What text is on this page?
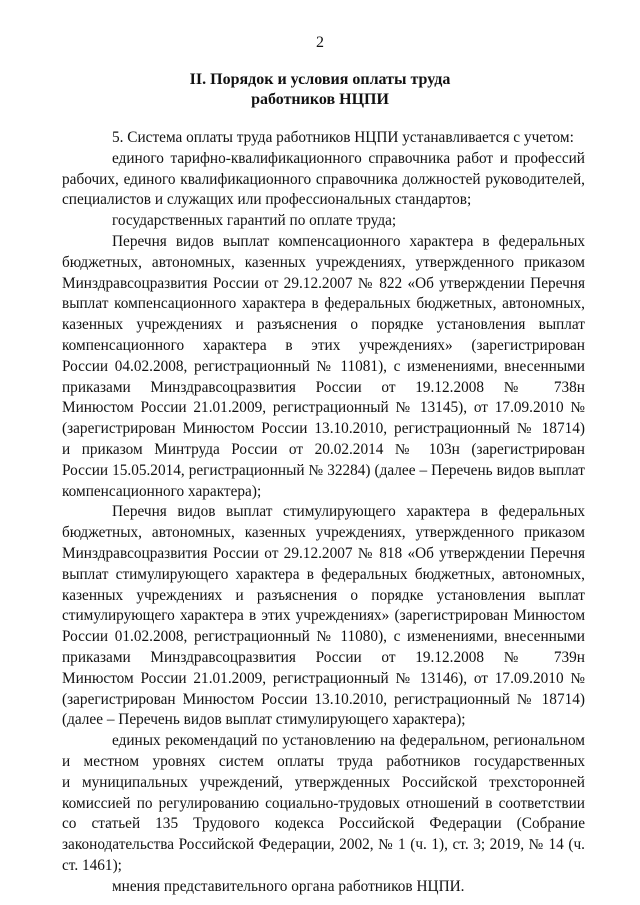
2
II. Порядок и условия оплаты труда
работников НЦПИ
5. Система оплаты труда работников НЦПИ устанавливается с учетом:
единого тарифно-квалификационного справочника работ и профессий
рабочих, единого квалификационного справочника должностей руководителей,
специалистов и служащих или профессиональных стандартов;
государственных гарантий по оплате труда;
Перечня видов выплат компенсационного характера в федеральных
бюджетных, автономных, казенных учреждениях, утвержденного приказом
Минздравсоцразвития России от 29.12.2007 № 822 «Об утверждении Перечня
выплат компенсационного характера в федеральных бюджетных, автономных,
казенных учреждениях и разъяснения о порядке установления выплат
компенсационного характера в этих учреждениях» (зарегистрирован
России 04.02.2008, регистрационный № 11081), с изменениями, внесенными
приказами Минздравсоцразвития России от 19.12.2008 № 738н
Минюстом России 21.01.2009, регистрационный № 13145), от 17.09.2010 №
(зарегистрирован Минюстом России 13.10.2010, регистрационный № 18714)
и приказом Минтруда России от 20.02.2014 № 103н (зарегистрирован
России 15.05.2014, регистрационный № 32284) (далее – Перечень видов выплат
компенсационного характера);
Перечня видов выплат стимулирующего характера в федеральных
бюджетных, автономных, казенных учреждениях, утвержденного приказом
Минздравсоцразвития России от 29.12.2007 № 818 «Об утверждении Перечня
выплат стимулирующего характера в федеральных бюджетных, автономных,
казенных учреждениях и разъяснения о порядке установления выплат
стимулирующего характера в этих учреждениях» (зарегистрирован Минюстом
России 01.02.2008, регистрационный № 11080), с изменениями, внесенными
приказами Минздравсоцразвития России от 19.12.2008 № 739н
Минюстом России 21.01.2009, регистрационный № 13146), от 17.09.2010 №
(зарегистрирован Минюстом России 13.10.2010, регистрационный № 18714)
(далее – Перечень видов выплат стимулирующего характера);
единых рекомендаций по установлению на федеральном, региональном
и местном уровнях систем оплаты труда работников государственных
и муниципальных учреждений, утвержденных Российской трехсторонней
комиссией по регулированию социально-трудовых отношений в соответствии
со статьей 135 Трудового кодекса Российской Федерации (Собрание
законодательства Российской Федерации, 2002, № 1 (ч. 1), ст. 3; 2019, № 14 (ч.
ст. 1461);
мнения представительного органа работников НЦПИ.
